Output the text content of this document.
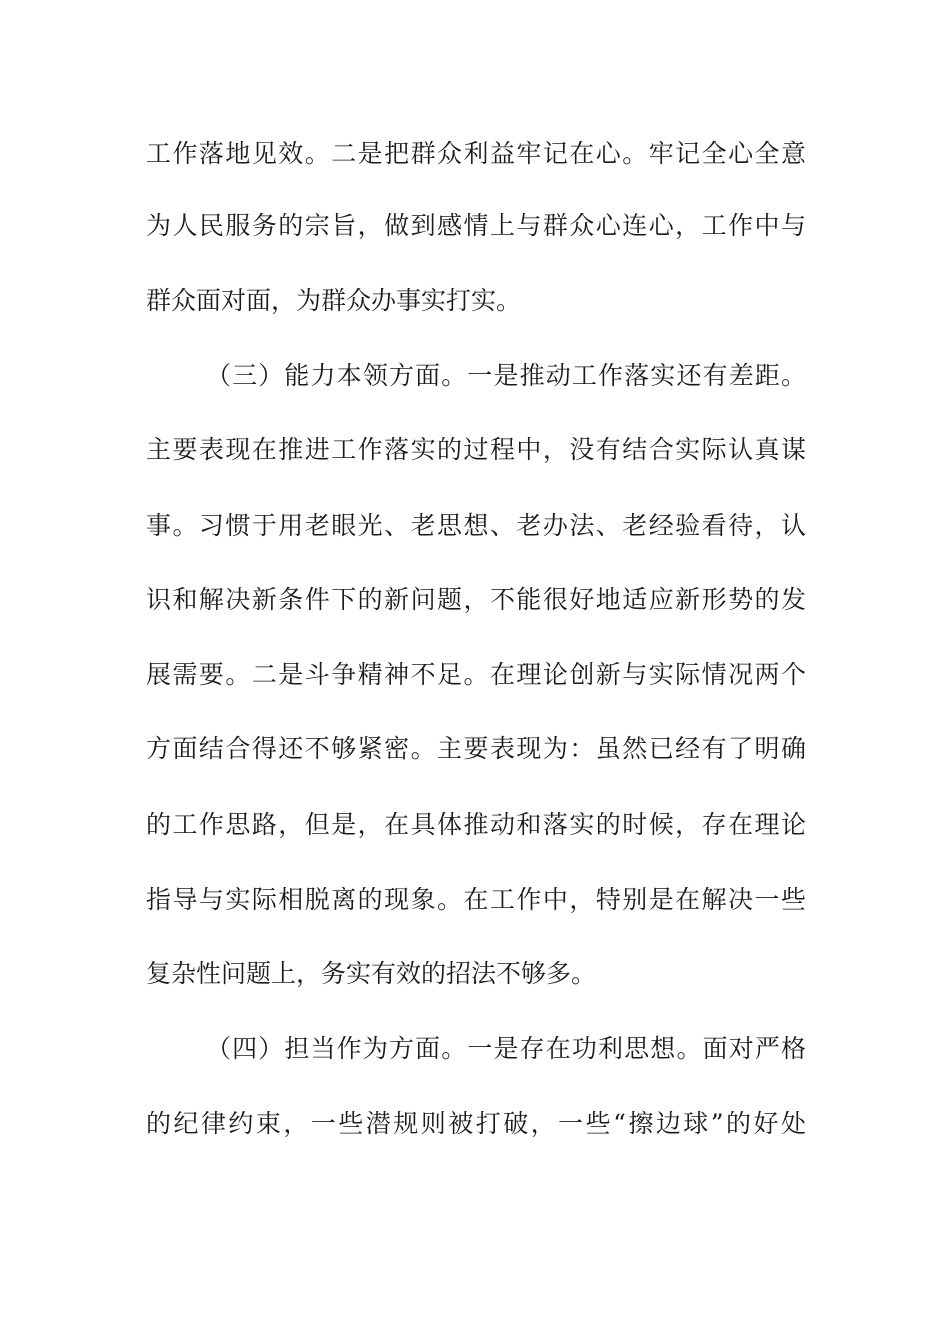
工作落地见效。二是把群众利益牢记在心。牢记全心全意
为人民服务的宗旨，做到感情上与群众心连心，工作中与
群众面对面，为群众办事实打实。
（三）能力本领方面。一是推动工作落实还有差距。
主要表现在推进工作落实的过程中，没有结合实际认真谋
事。习惯于用老眼光、老思想、老办法、老经验看待，认
识和解决新条件下的新问题，不能很好地适应新形势的发
展需要。二是斗争精神不足。在理论创新与实际情况两个
方面结合得还不够紧密。主要表现为：虽然已经有了明确
的工作思路，但是，在具体推动和落实的时候，存在理论
指导与实际相脱离的现象。在工作中，特别是在解决一些
复杂性问题上，务实有效的招法不够多。
（四）担当作为方面。一是存在功利思想。面对严格
的纪律约束，一些潜规则被打破，一些“擦边球”的好处
